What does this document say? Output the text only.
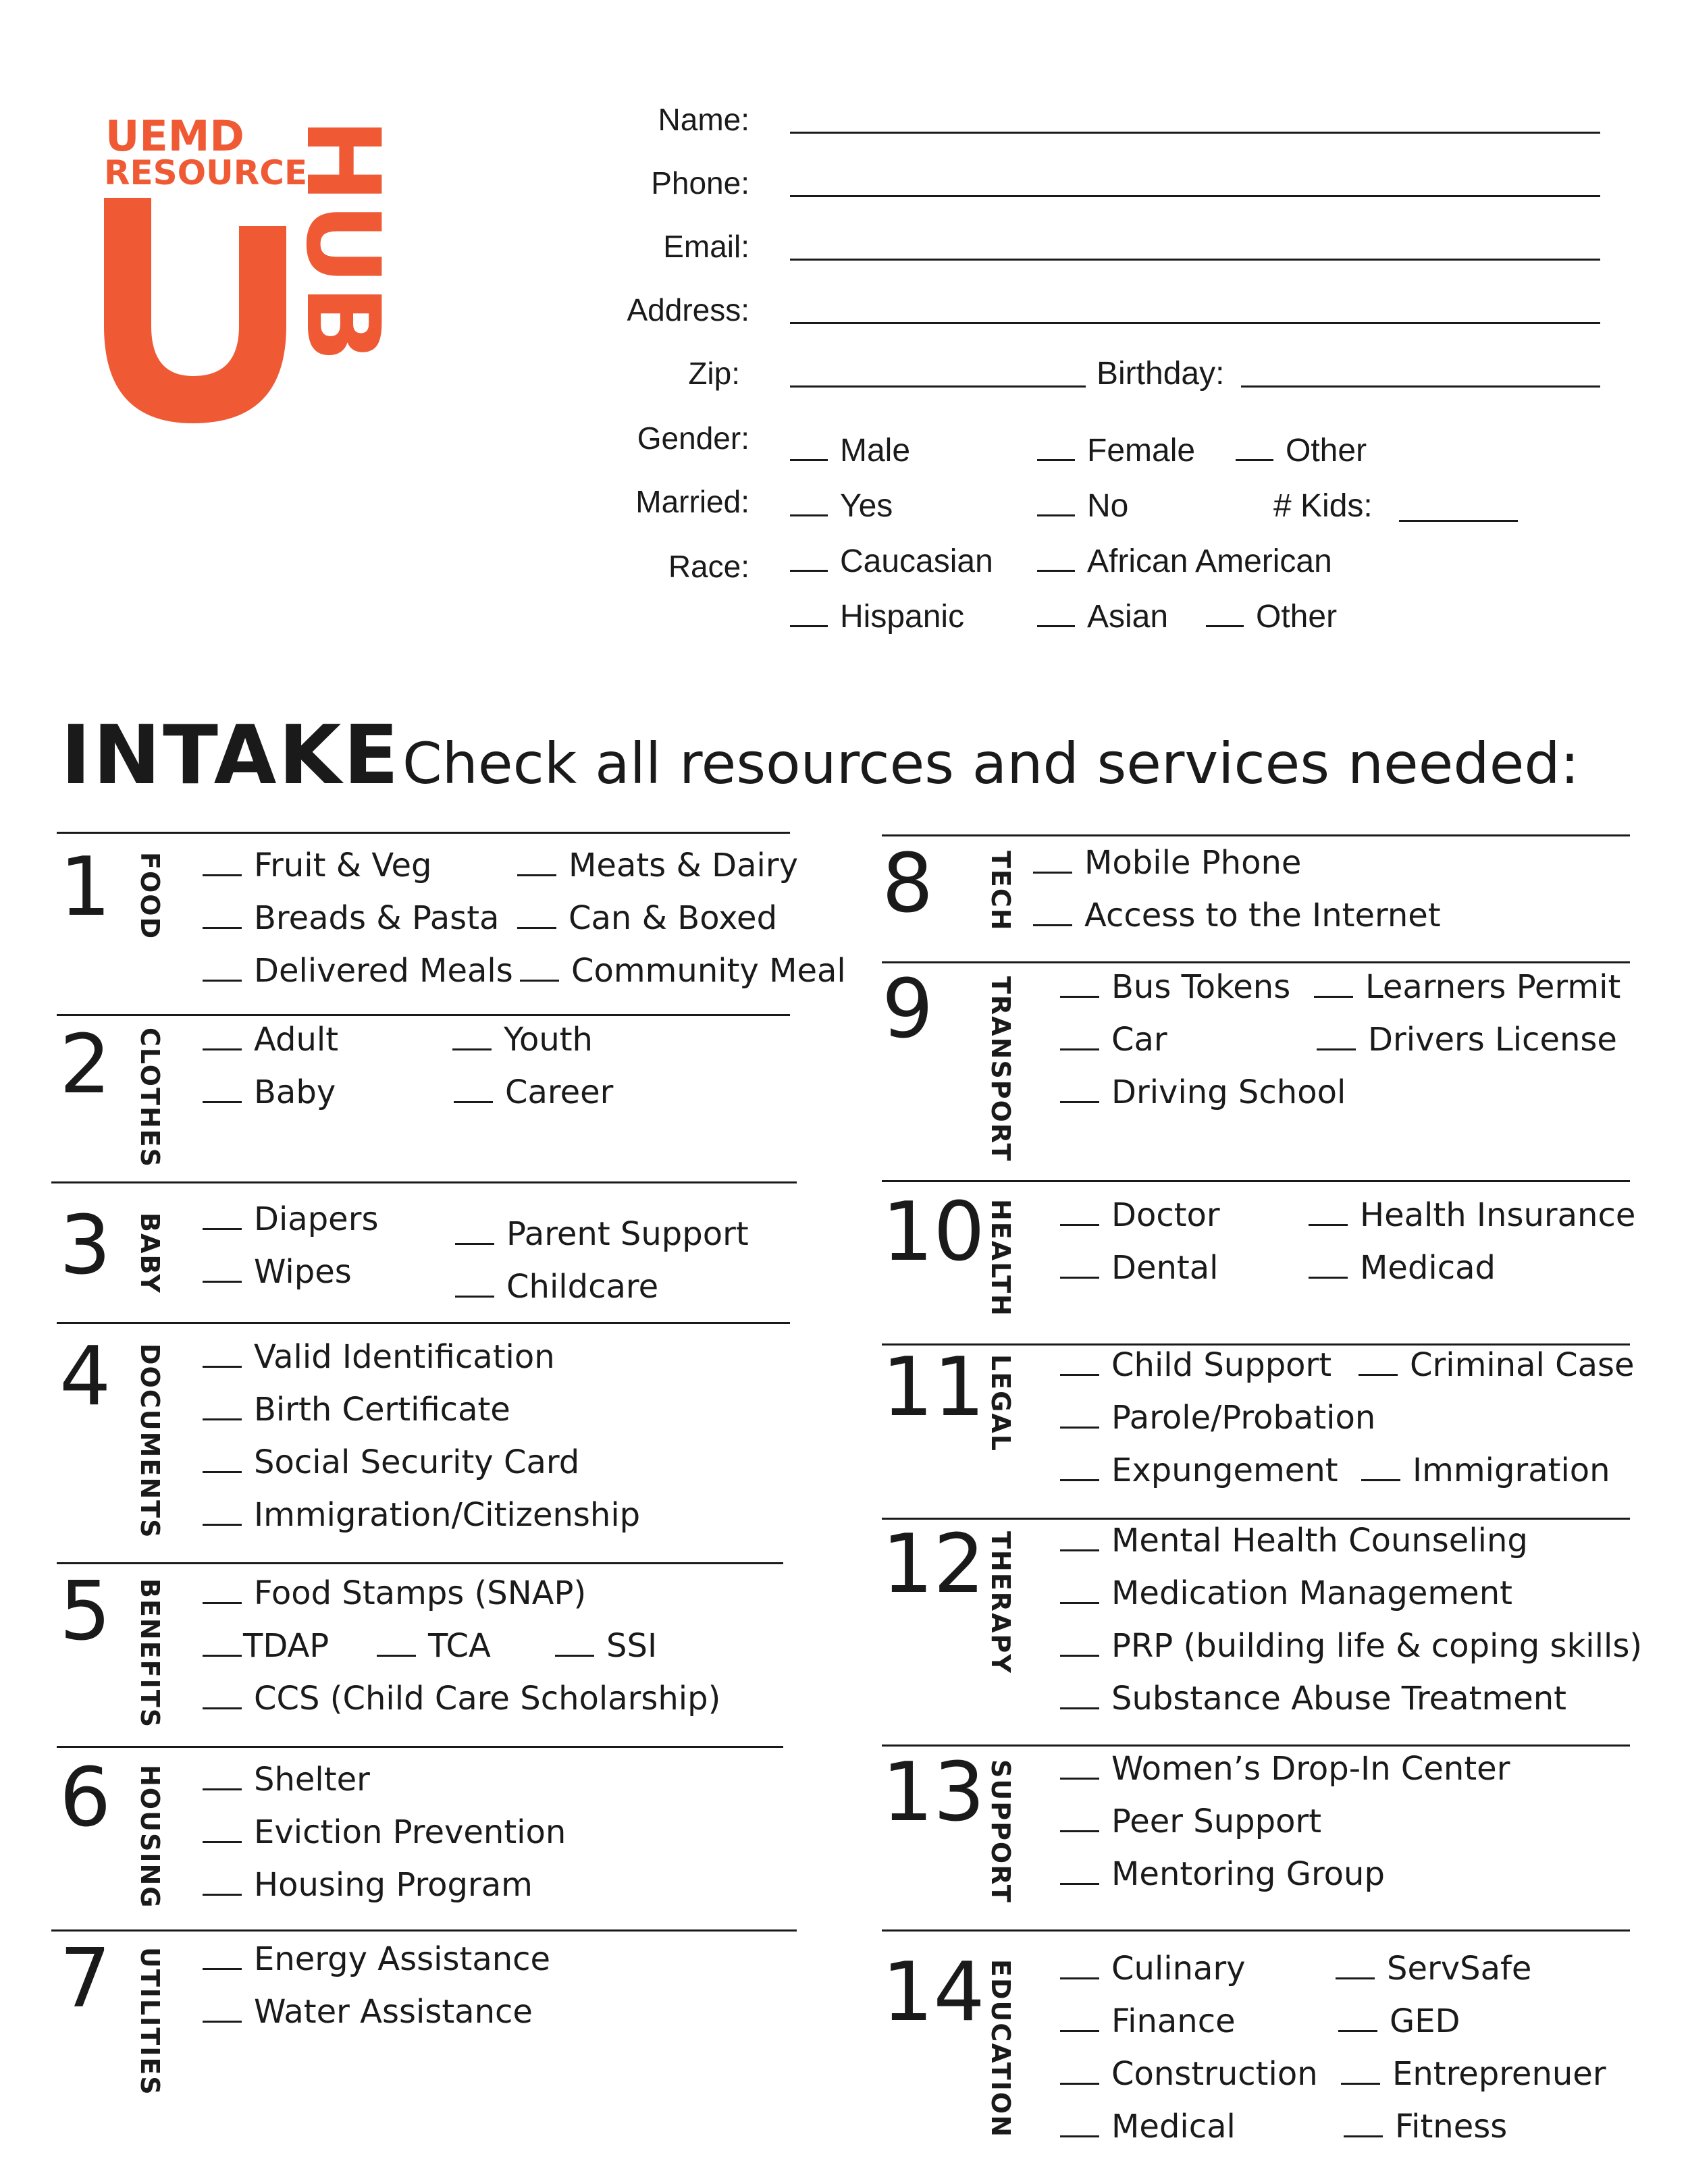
UEMD
RESOURCE
HUB	Name:
Phone:
Email:
Address:
Zip:	Birthday:
Gender:	Male	Female	Other
Married:	Yes	No	# Kids:
Race:	Caucasian	African American
Hispanic	Asian	Other
INTAKE Check all resources and services needed:
1 FOOD	Fruit & Veg	Meats & Dairy
Breads & Pasta	Can & Boxed
Delivered Meals	Community Meal
2 CLOTHES	Adult	Youth
Baby	Career
3 BABY	Diapers	Parent Support
Wipes	Childcare
4 DOCUMENTS	Valid Identification
Birth Certificate
Social Security Card
Immigration/Citizenship
5 BENEFITS	Food Stamps (SNAP)
TDAP	TCA	SSI
CCS (Child Care Scholarship)
6 HOUSING	Shelter
Eviction Prevention
Housing Program
7 UTILITIES	Energy Assistance
Water Assistance
8 TECH	Mobile Phone
Access to the Internet
9 TRANSPORT	Bus Tokens	Learners Permit
Car	Drivers License
Driving School
10 HEALTH	Doctor	Health Insurance
Dental	Medicad
11 LEGAL	Child Support	Criminal Case
Parole/Probation
Expungement	Immigration
12 THERAPY	Mental Health Counseling
Medication Management
PRP (building life & coping skills)
Substance Abuse Treatment
13 SUPPORT	Women’s Drop-In Center
Peer Support
Mentoring Group
14 EDUCATION	Culinary	ServSafe
Finance	GED
Construction	Entreprenuer
Medical	Fitness
